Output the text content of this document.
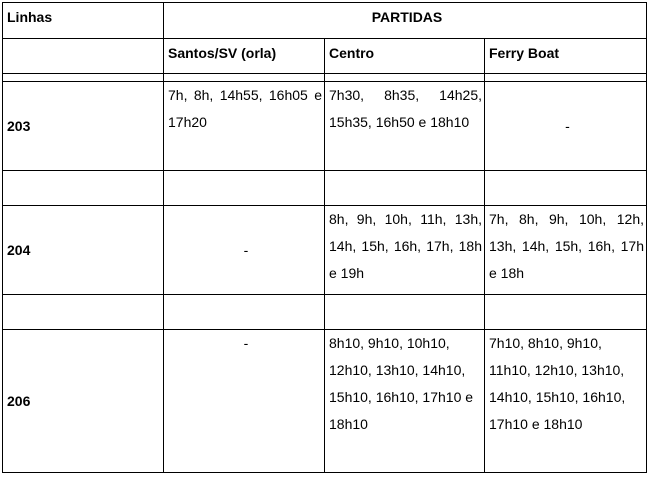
Linhas	PARTIDAS		
	Santos/SV (orla)	Centro	Ferry Boat

203	7h, 8h, 14h55, 16h05 e 17h20	7h30, 8h35, 14h25, 15h35, 16h50 e 18h10	-

204	-	8h, 9h, 10h, 11h, 13h, 14h, 15h, 16h, 17h, 18h e 19h	7h, 8h, 9h, 10h, 12h, 13h, 14h, 15h, 16h, 17h e 18h

206	-	8h10, 9h10, 10h10, 12h10, 13h10, 14h10, 15h10, 16h10, 17h10 e 18h10	7h10, 8h10, 9h10, 11h10, 12h10, 13h10, 14h10, 15h10, 16h10, 17h10 e 18h10
